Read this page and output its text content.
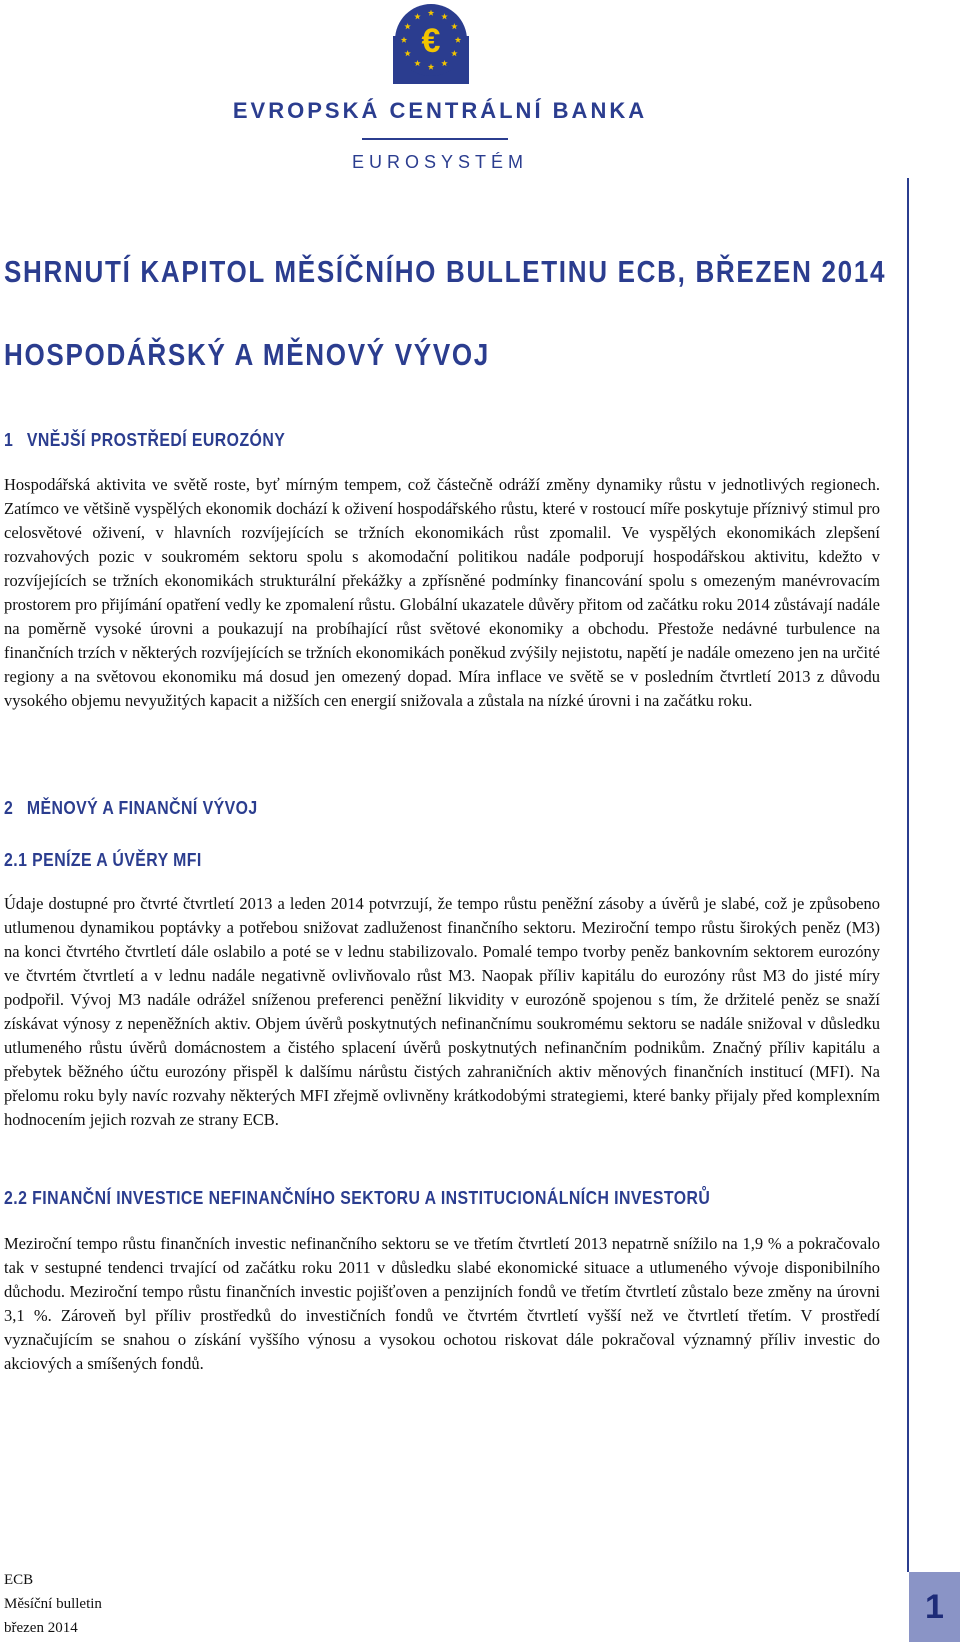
€
EVROPSKÁ CENTRÁLNÍ BANKA
EUROSYSTÉM
SHRNUTÍ KAPITOL MĚSÍČNÍHO BULLETINU ECB, BŘEZEN 2014
HOSPODÁŘSKÝ A MĚNOVÝ VÝVOJ
1 VNĚJŠÍ PROSTŘEDÍ EUROZÓNY

Hospodářská aktivita ve světě roste, byť mírným tempem, což částečně odráží změny dynamiky růstu v jednotlivých regionech. Zatímco ve většině vyspělých ekonomik dochází k oživení hospodářského růstu, které v rostoucí míře poskytuje příznivý stimul pro celosvětové oživení, v hlavních rozvíjejících se tržních ekonomikách růst zpomalil. Ve vyspělých ekonomikách zlepšení rozvahových pozic v soukromém sektoru spolu s akomodační politikou nadále podporují hospodářskou aktivitu, kdežto v rozvíjejících se tržních ekonomikách strukturální překážky a zpřísněné podmínky financování spolu s omezeným manévrovacím prostorem pro přijímání opatření vedly ke zpomalení růstu. Globální ukazatele důvěry přitom od začátku roku 2014 zůstávají nadále na poměrně vysoké úrovni a poukazují na probíhající růst světové ekonomiky a obchodu. Přestože nedávné turbulence na finančních trzích v některých rozvíjejících se tržních ekonomikách poněkud zvýšily nejistotu, napětí je nadále omezeno jen na určité regiony a na světovou ekonomiku má dosud jen omezený dopad. Míra inflace ve světě se v posledním čtvrtletí 2013 z důvodu vysokého objemu nevyužitých kapacit a nižších cen energií snižovala a zůstala na nízké úrovni i na začátku roku.

2 MĚNOVÝ A FINANČNÍ VÝVOJ
2.1 PENÍZE A ÚVĚRY MFI

Údaje dostupné pro čtvrté čtvrtletí 2013 a leden 2014 potvrzují, že tempo růstu peněžní zásoby a úvěrů je slabé, což je způsobeno utlumenou dynamikou poptávky a potřebou snižovat zadluženost finančního sektoru. Meziroční tempo růstu širokých peněz (M3) na konci čtvrtého čtvrtletí dále oslabilo a poté se v lednu stabilizovalo. Pomalé tempo tvorby peněz bankovním sektorem eurozóny ve čtvrtém čtvrtletí a v lednu nadále negativně ovlivňovalo růst M3. Naopak příliv kapitálu do eurozóny růst M3 do jisté míry podpořil. Vývoj M3 nadále odrážel sníženou preferenci peněžní likvidity v eurozóně spojenou s tím, že držitelé peněz se snaží získávat výnosy z nepeněžních aktiv. Objem úvěrů poskytnutých nefinančnímu soukromému sektoru se nadále snižoval v důsledku utlumeného růstu úvěrů domácnostem a čistého splacení úvěrů poskytnutých nefinančním podnikům. Značný příliv kapitálu a přebytek běžného účtu eurozóny přispěl k dalšímu nárůstu čistých zahraničních aktiv měnových finančních institucí (MFI). Na přelomu roku byly navíc rozvahy některých MFI zřejmě ovlivněny krátkodobými strategiemi, které banky přijaly před komplexním hodnocením jejich rozvah ze strany ECB.

2.2 FINANČNÍ INVESTICE NEFINANČNÍHO SEKTORU A INSTITUCIONÁLNÍCH INVESTORŮ

Meziroční tempo růstu finančních investic nefinančního sektoru se ve třetím čtvrtletí 2013 nepatrně snížilo na 1,9 % a pokračovalo tak v sestupné tendenci trvající od začátku roku 2011 v důsledku slabé ekonomické situace a utlumeného vývoje disponibilního důchodu. Meziroční tempo růstu finančních investic pojišťoven a penzijních fondů ve třetím čtvrtletí zůstalo beze změny na úrovni 3,1 %. Zároveň byl příliv prostředků do investičních fondů ve čtvrtém čtvrtletí vyšší než ve čtvrtletí třetím. V prostředí vyznačujícím se snahou o získání vyššího výnosu a vysokou ochotou riskovat dále pokračoval významný příliv investic do akciových a smíšených fondů.

ECB
Měsíční bulletin
březen 2014
1
